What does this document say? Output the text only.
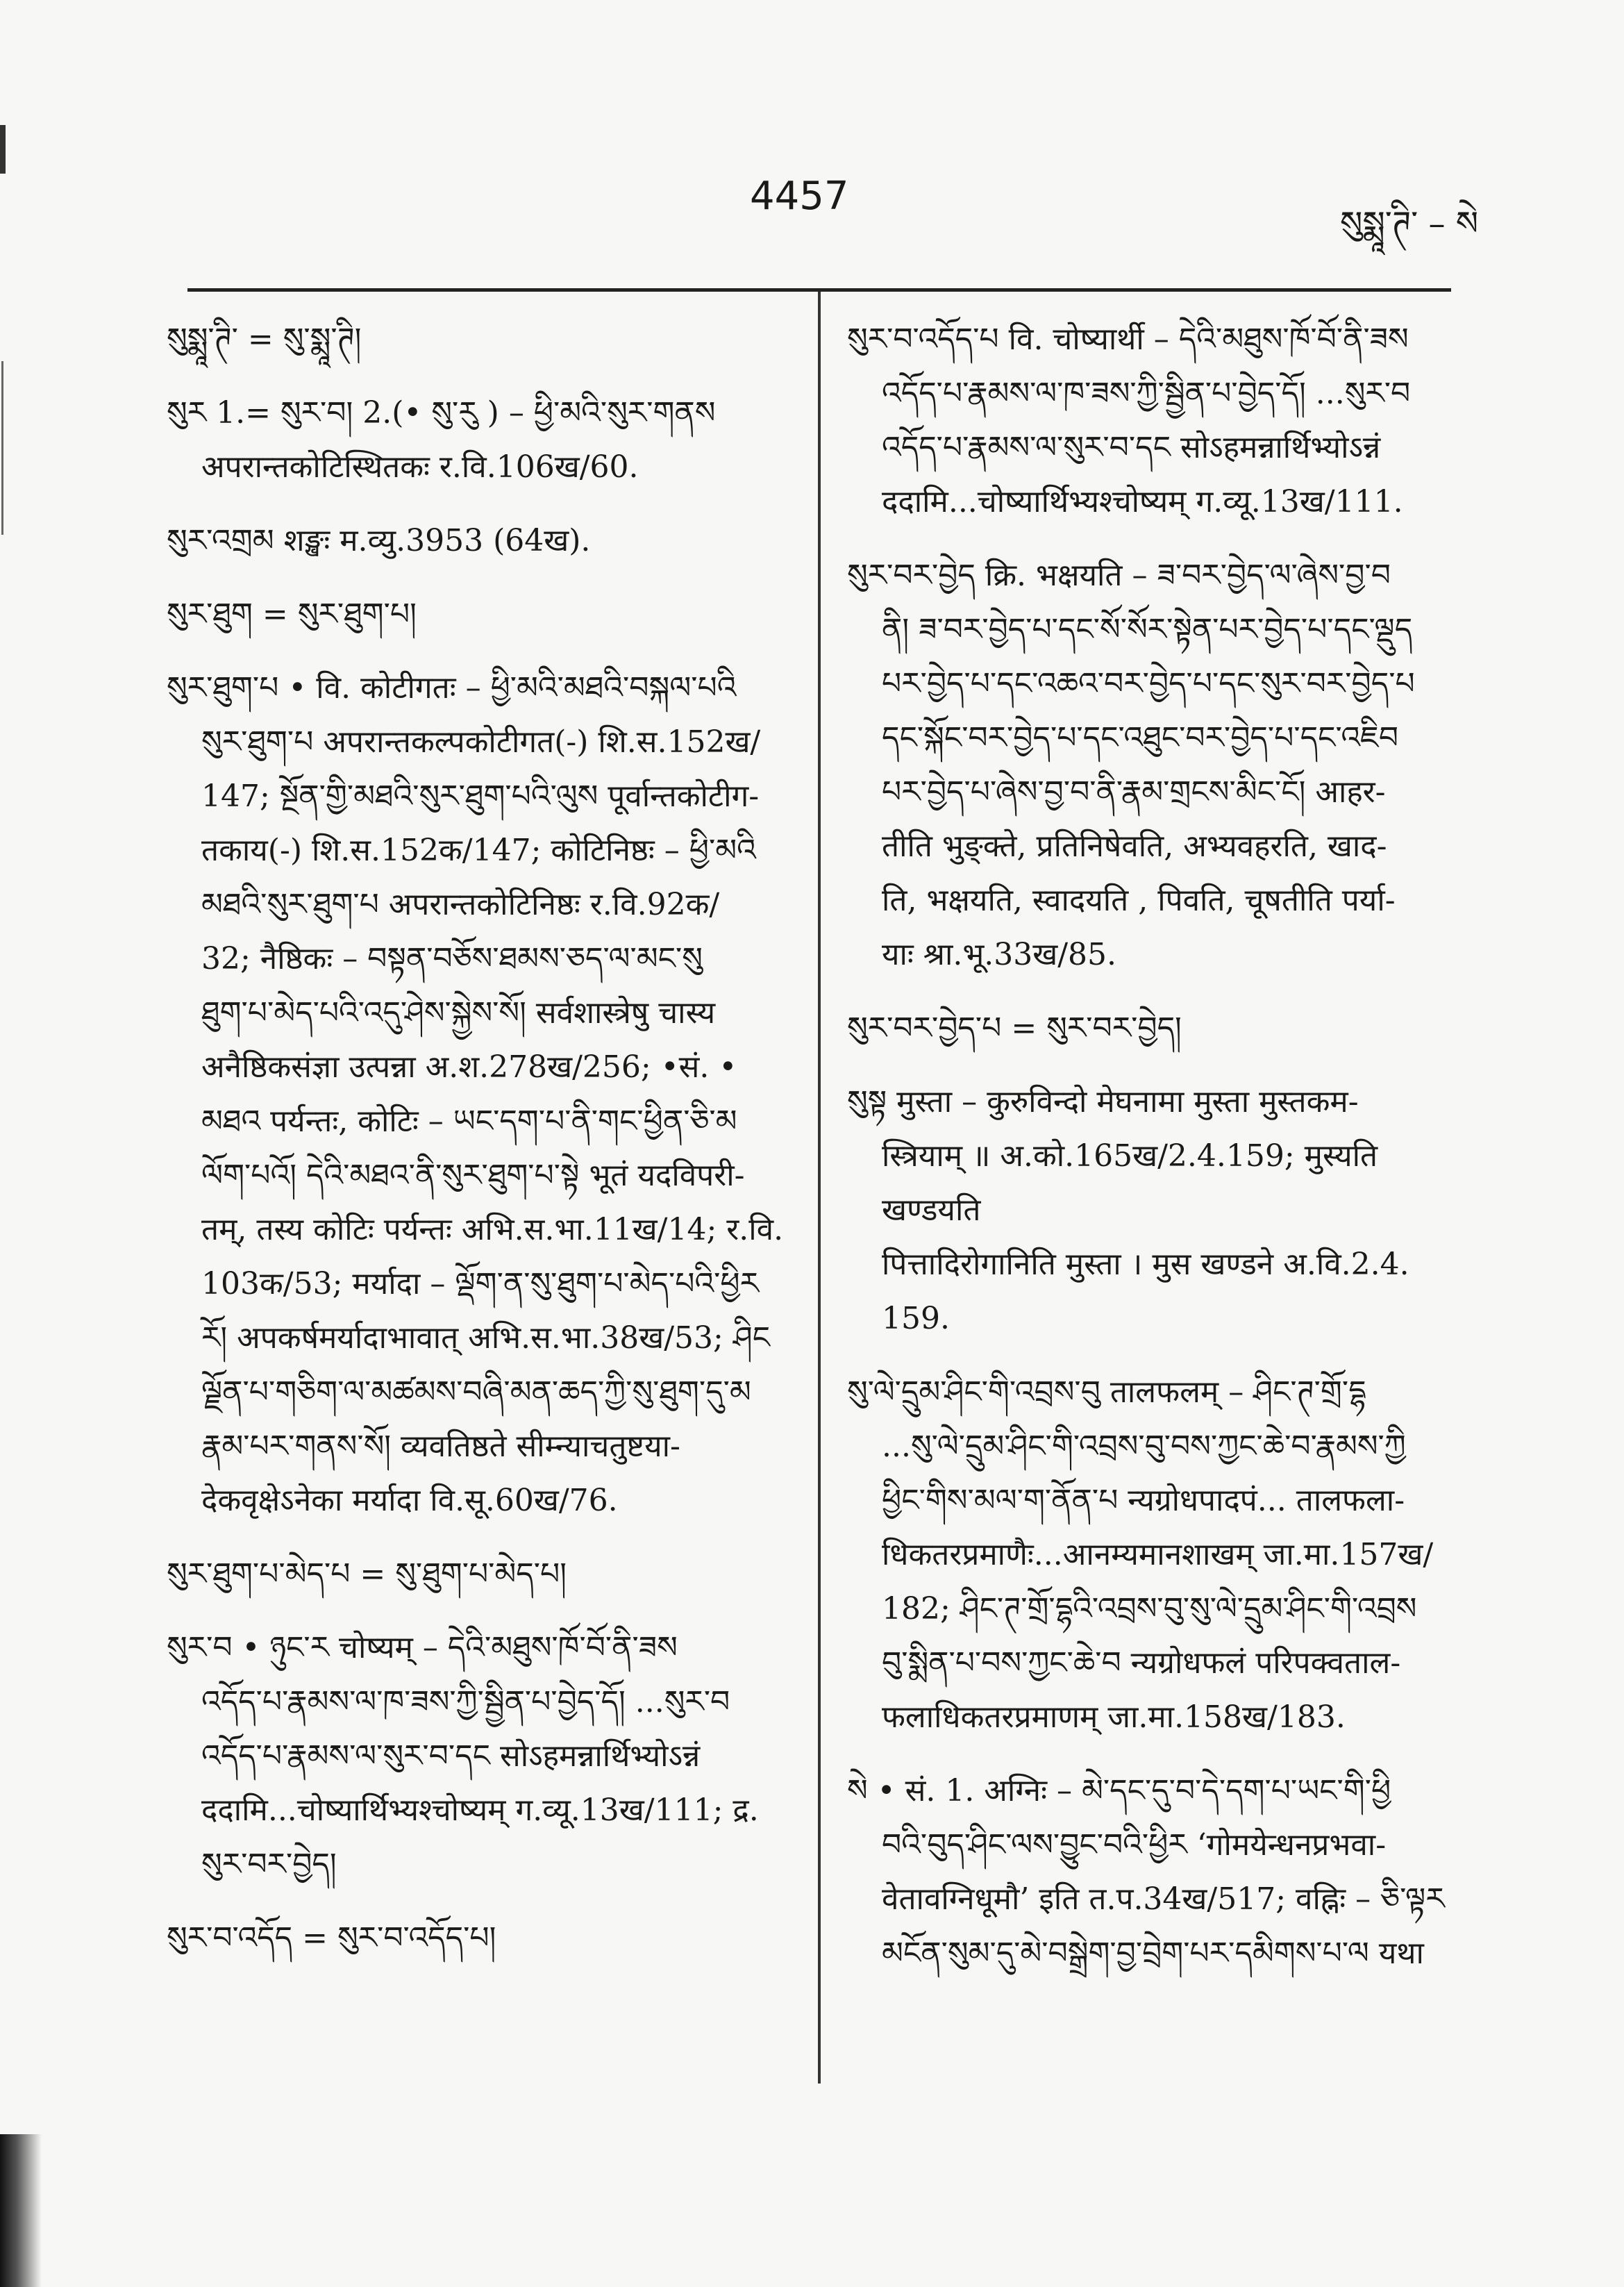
4457
སུསྨཱ་ཊི་ – སེ

སུསྨཱ་ཊི་ = སུ་སྨཱ་ཊི།

སུར 1.= སུར་བ། 2.(• སུ་རུ ) – ཕྱི་མའི་སུར་གནས

अपरान्तकोटिस्थितकः र.वि.106ख/60.

སུར་འགྲམ शङ्खः म.व्यु.3953 (64ख).

སུར་ཐུག = སུར་ཐུག་པ།

སུར་ཐུག་པ • वि. कोटीगतः – ཕྱི་མའི་མཐའི་བསྐལ་པའི

སུར་ཐུག་པ अपरान्तकल्पकोटीगत(-) शि.स.152ख/

147; སྔོན་གྱི་མཐའི་སུར་ཐུག་པའི་ལུས पूर्वान्तकोटीग-

तकाय(-) शि.स.152क/147; कोटिनिष्ठः – ཕྱི་མའི

མཐའི་སུར་ཐུག་པ अपरान्तकोटिनिष्ठः र.वि.92क/

32; नैष्ठिकः – བསྟན་བཅོས་ཐམས་ཅད་ལ་མང་སུ

ཐུག་པ་མེད་པའི་འདུ་ཤེས་སྐྱེས་སོ། सर्वशास्त्रेषु चास्य

अनैष्ठिकसंज्ञा उत्पन्ना अ.श.278ख/256; •सं. •

མཐའ पर्यन्तः, कोटिः – ཡང་དག་པ་ནི་གང་ཕྱིན་ཅི་མ

ལོག་པའོ། དེའི་མཐའ་ནི་སུར་ཐུག་པ་སྟེ भूतं यदविपरी-

तम्, तस्य कोटिः पर्यन्तः अभि.स.भा.11ख/14; र.वि.

103क/53; मर्यादा – ལྡོག་ན་སུ་ཐུག་པ་མེད་པའི་ཕྱིར

རོ། अपकर्षमर्यादाभावात् अभि.स.भा.38ख/53; ཤིང

ལྗོན་པ་གཅིག་ལ་མཚམས་བཞི་མན་ཆད་ཀྱི་སུ་ཐུག་དུ་མ

རྣམ་པར་གནས་སོ། व्यवतिष्ठते सीम्न्याचतुष्टया-

देकवृक्षेऽनेका मर्यादा वि.सू.60ख/76.

སུར་ཐུག་པ་མེད་པ = སུ་ཐུག་པ་མེད་པ།

སུར་བ • ཉུང་ར चोष्यम् – དེའི་མཐུས་ཁོ་བོ་ནི་ཟས

འདོད་པ་རྣམས་ལ་ཁ་ཟས་ཀྱི་སྦྱིན་པ་བྱེད་དོ། ...སུར་བ

འདོད་པ་རྣམས་ལ་སུར་བ་དང सोऽहमन्नार्थिभ्योऽन्नं

ददामि...चोष्यार्थिभ्यश्चोष्यम् ग.व्यू.13ख/111; द्र.

སུར་བར་བྱེད།

སུར་བ་འདོད = སུར་བ་འདོད་པ།

སུར་བ་འདོད་པ वि. चोष्यार्थी – དེའི་མཐུས་ཁོ་བོ་ནི་ཟས

འདོད་པ་རྣམས་ལ་ཁ་ཟས་ཀྱི་སྦྱིན་པ་བྱེད་དོ། ...སུར་བ

འདོད་པ་རྣམས་ལ་སུར་བ་དང सोऽहमन्नार्थिभ्योऽन्नं

ददामि...चोष्यार्थिभ्यश्चोष्यम् ग.व्यू.13ख/111.

སུར་བར་བྱེད क्रि. भक्षयति – ཟ་བར་བྱེད་ལ་ཞེས་བྱ་བ

ནི། ཟ་བར་བྱེད་པ་དང་སོ་སོར་སྟེན་པར་བྱེད་པ་དང་ལྡུད

པར་བྱེད་པ་དང་འཆའ་བར་བྱེད་པ་དང་སུར་བར་བྱེད་པ

དང་སྐོང་བར་བྱེད་པ་དང་འཐུང་བར་བྱེད་པ་དང་འཇིབ

པར་བྱེད་པ་ཞེས་བྱ་བ་ནི་རྣམ་གྲངས་མིང་ངོ། आहर-

तीति भुङ्क्ते, प्रतिनिषेवति, अभ्यवहरति, खाद-

ति, भक्षयति, स्वादयति , पिवति, चूषतीति पर्या-

याः श्रा.भू.33ख/85.

སུར་བར་བྱེད་པ = སུར་བར་བྱེད།

སུསྟ मुस्ता – कुरुविन्दो मेघनामा मुस्ता मुस्तकम-

स्त्रियाम् ॥ अ.को.165ख/2.4.159; मुस्यति खण्डयति

पित्तादिरोगानिति मुस्ता । मुस खण्डने अ.वि.2.4.

159.

སུ་ལེ་དྲུམ་ཤིང་གི་འབྲས་བུ तालफलम् – ཤིང་ཊ་གྲོ་དྷ

...སུ་ལེ་དྲུམ་ཤིང་གི་འབྲས་བུ་བས་ཀྱང་ཆེ་བ་རྣམས་ཀྱི

ཕྱིང་གིས་མལ་ག་ནོན་པ न्यग्रोधपादपं... तालफला-

धिकतरप्रमाणैः...आनम्यमानशाखम् जा.मा.157ख/

182; ཤིང་ཊ་གྲོ་དྷའི་འབྲས་བུ་སུ་ལེ་དྲུམ་ཤིང་གི་འབྲས

བུ་སྨིན་པ་བས་ཀྱང་ཆེ་བ न्यग्रोधफलं परिपक्वताल-

फलाधिकतरप्रमाणम् जा.मा.158ख/183.

སེ • सं. 1. अग्निः – མེ་དང་དུ་བ་དེ་དག་པ་ཡང་གི་ཕྱི

བའི་བུད་ཤིང་ལས་བྱུང་བའི་ཕྱིར ‘गोमयेन्धनप्रभवा-

वेतावग्निधूमौ’ इति त.प.34ख/517; वह्निः – ཅི་ལྟར

མངོན་སུམ་དུ་མེ་བསྒྲེག་བྱ་བྲེག་པར་དམིགས་པ་ལ यथा
